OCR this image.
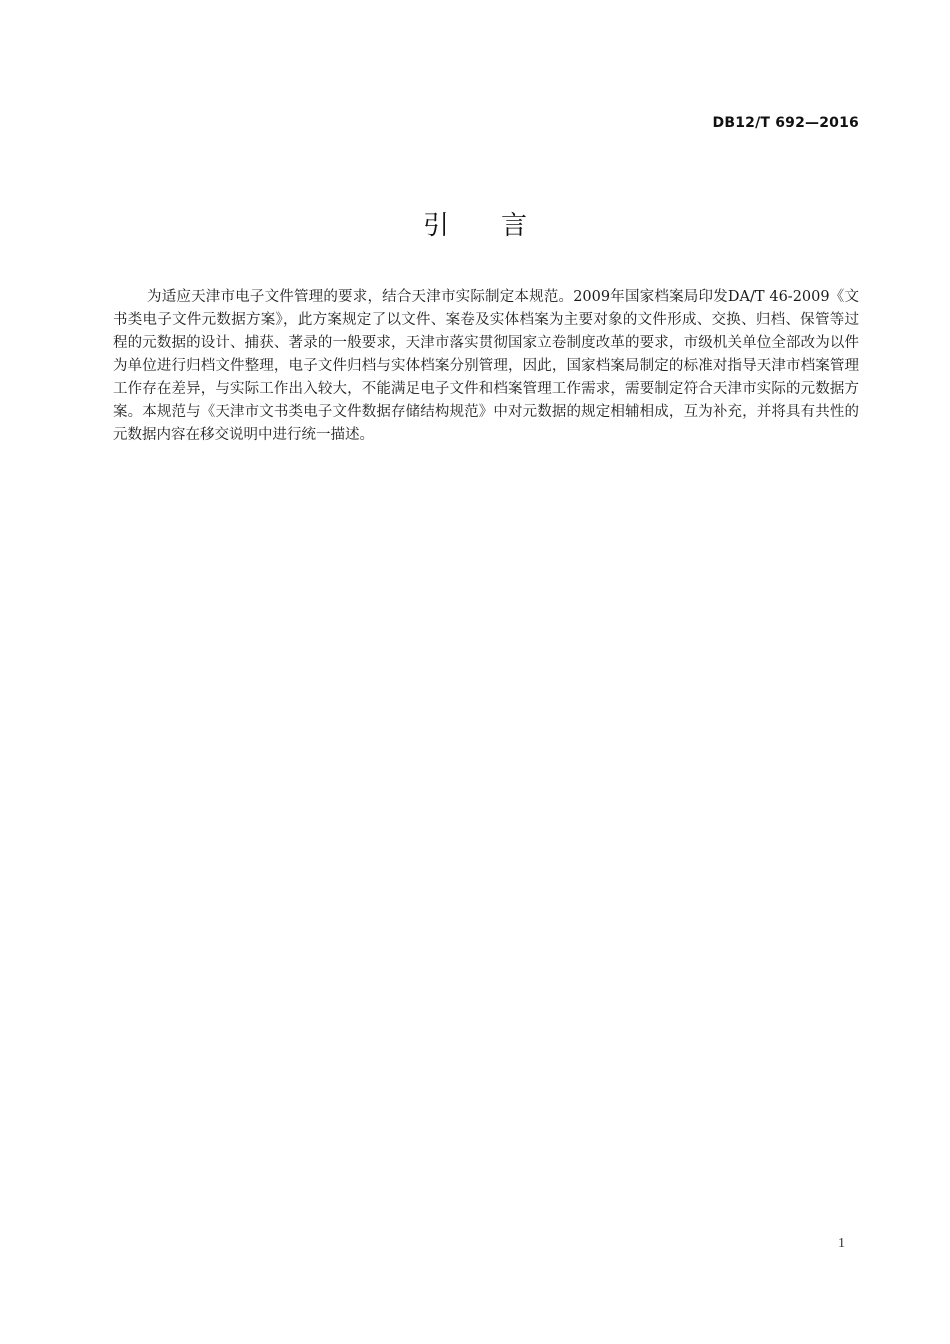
DB12/T 692—2016
引言

为适应天津市电子文件管理的要求，结合天津市实际制定本规范。2009年国家档案局印发DA/T 46-2009《文书类电子文件元数据方案》，此方案规定了以文件、案卷及实体档案为主要对象的文件形成、交换、归档、保管等过程的元数据的设计、捕获、著录的一般要求，天津市落实贯彻国家立卷制度改革的要求，市级机关单位全部改为以件为单位进行归档文件整理，电子文件归档与实体档案分别管理，因此，国家档案局制定的标准对指导天津市档案管理工作存在差异，与实际工作出入较大，不能满足电子文件和档案管理工作需求，需要制定符合天津市实际的元数据方案。本规范与《天津市文书类电子文件数据存储结构规范》中对元数据的规定相辅相成，互为补充，并将具有共性的元数据内容在移交说明中进行统一描述。

1
